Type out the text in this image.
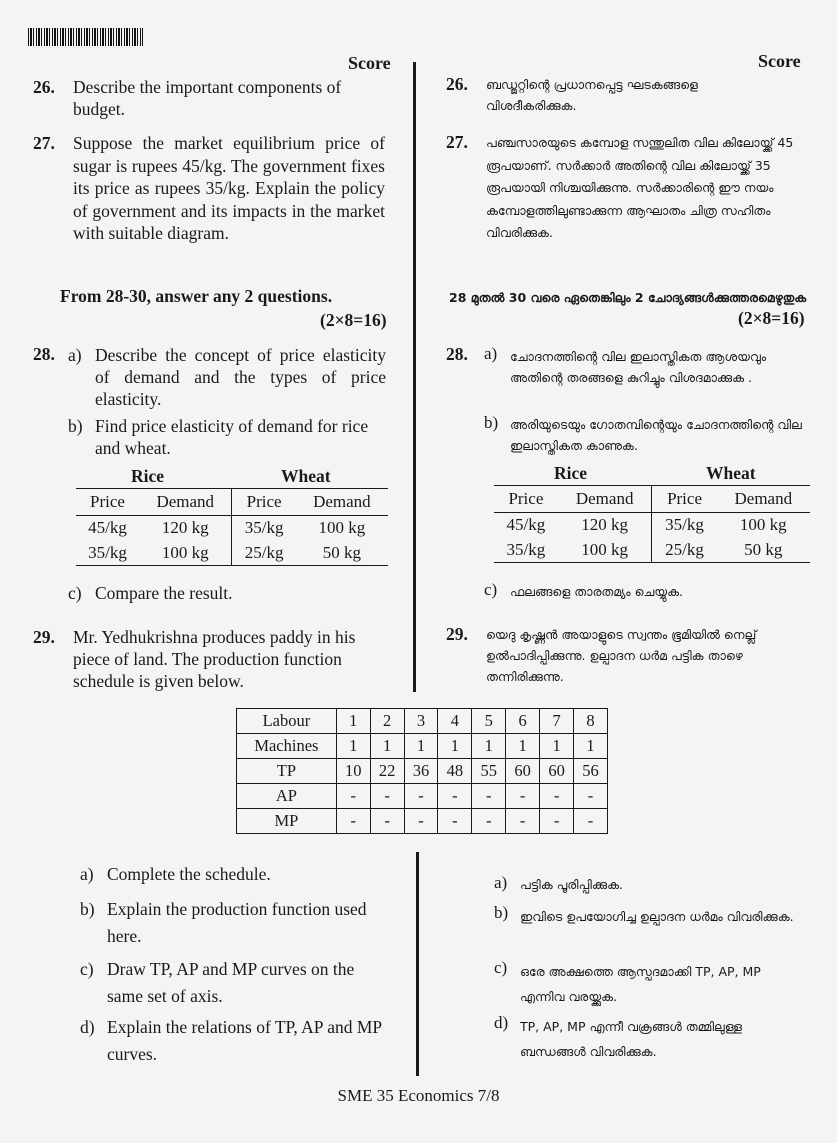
Score	Score
26. Describe the important components of budget.
27. Suppose the market equilibrium price of sugar is rupees 45/kg. The government fixes its price as rupees 35/kg. Explain the policy of government and its impacts in the market with suitable diagram.
From 28-30, answer any 2 questions.
(2×8=16)
28. a) Describe the concept of price elasticity of demand and the types of price elasticity.
b) Find price elasticity of demand for rice and wheat.
Rice	Wheat
Price	Demand	Price	Demand
45/kg	120 kg	35/kg	100 kg
35/kg	100 kg	25/kg	50 kg
c) Compare the result.
29. Mr. Yedhukrishna produces paddy in his piece of land. The production function schedule is given below.
Labour	1	2	3	4	5	6	7	8
Machines	1	1	1	1	1	1	1	1
TP	10	22	36	48	55	60	60	56
AP	-	-	-	-	-	-	-	-
MP	-	-	-	-	-	-	-	-
a) Complete the schedule.
b) Explain the production function used here.
c) Draw TP, AP and MP curves on the same set of axis.
d) Explain the relations of TP, AP and MP curves.
26. ബഡ്ജറ്റിന്റെ പ്രധാനപ്പെട്ട ഘടകങ്ങളെ വിശദീകരിക്കുക.
27. പഞ്ചസാരയുടെ കമ്പോള സന്തുലിത വില കിലോയ്ക്ക് 45 രൂപയാണ്. സർക്കാർ അതിന്റെ വില കിലോയ്ക്ക് 35 രൂപയായി നിശ്ചയിക്കുന്നു. സർക്കാരിന്റെ ഈ നയം കമ്പോളത്തിലുണ്ടാക്കുന്ന ആഘാതം ചിത്ര സഹിതം വിവരിക്കുക.
28 മുതൽ 30 വരെ ഏതെങ്കിലും 2 ചോദ്യങ്ങൾക്കുത്തരമെഴുതുക
(2×8=16)
28. a) ചോദനത്തിന്റെ വില ഇലാസ്തികത ആശയവും അതിന്റെ തരങ്ങളെ കുറിച്ചും വിശദമാക്കുക .
b) അരിയുടെയും ഗോതമ്പിന്റെയും ചോദനത്തിന്റെ വില ഇലാസ്തികത കാണുക.
Rice	Wheat
Price	Demand	Price	Demand
45/kg	120 kg	35/kg	100 kg
35/kg	100 kg	25/kg	50 kg
c) ഫലങ്ങളെ താരതമ്യം ചെയ്യുക.
29. യെദു കൃഷ്ണൻ അയാളുടെ സ്വന്തം ഭൂമിയിൽ നെല്ല് ഉൽപാദിപ്പിക്കുന്നു. ഉല്പാദന ധർമ പട്ടിക താഴെ തന്നിരിക്കുന്നു.
a) പട്ടിക പൂരിപ്പിക്കുക.
b) ഇവിടെ ഉപയോഗിച്ച ഉല്പാദന ധർമം വിവരിക്കുക.
c) ഒരേ അക്ഷത്തെ ആസ്പദമാക്കി TP, AP, MP എന്നിവ വരയ്ക്കുക.
d) TP, AP, MP എന്നീ വക്രങ്ങൾ തമ്മിലുള്ള ബന്ധങ്ങൾ വിവരിക്കുക.
SME 35 Economics 7/8
